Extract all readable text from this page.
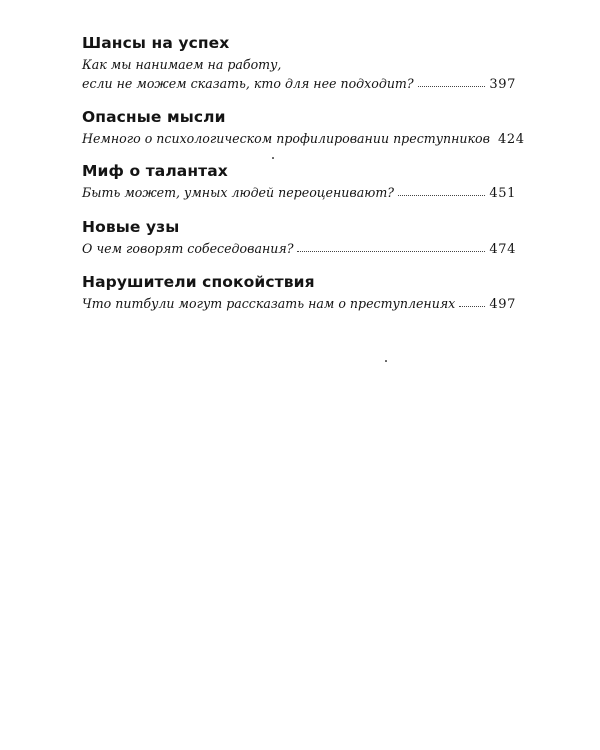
Шансы на успех
Как мы нанимаем на работу,
если не можем сказать, кто для нее подходит?	397
Опасные мысли
Немного о психологическом профилировании преступников 424
Миф о талантах
Быть может, умных людей переоценивают?	451
Новые узы
О чем говорят собеседования?	474
Нарушители спокойствия
Что питбули могут рассказать нам о преступлениях	497
